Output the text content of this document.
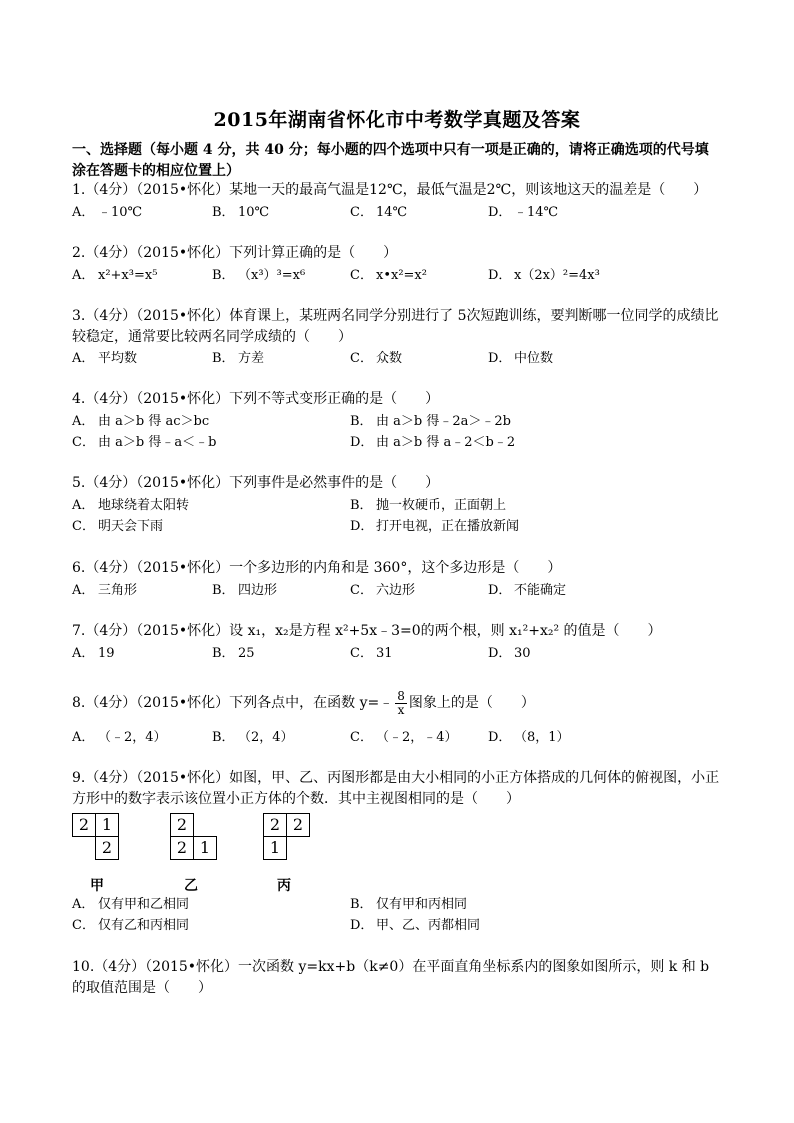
2015年湖南省怀化市中考数学真题及答案
一、选择题（每小题 4 分，共 40 分；每小题的四个选项中只有一项是正确的，请将正确选项的代号填涂在答题卡的相应位置上）
1.（4分）（2015•怀化）某地一天的最高气温是12℃，最低气温是2℃，则该地这天的温差是（　　）
A． ﹣10℃	B． 10℃	C． 14℃	D． ﹣14℃
2.（4分）（2015•怀化）下列计算正确的是（　　）
A． x²+x³=x⁵	B． （x³）³=x⁶	C． x•x²=x²	D． x（2x）²=4x³
3.（4分）（2015•怀化）体育课上，某班两名同学分别进行了 5次短跑训练，要判断哪一位同学的成绩比较稳定，通常要比较两名同学成绩的（　　）
A． 平均数	B． 方差	C． 众数	D． 中位数
4.（4分）（2015•怀化）下列不等式变形正确的是（　　）
A． 由 a＞b 得 ac＞bc	B． 由 a＞b 得﹣2a＞﹣2b
C． 由 a＞b 得﹣a＜﹣b	D． 由 a＞b 得 a﹣2＜b﹣2
5.（4分）（2015•怀化）下列事件是必然事件的是（　　）
A． 地球绕着太阳转	B． 抛一枚硬币，正面朝上
C． 明天会下雨	D． 打开电视，正在播放新闻
6.（4分）（2015•怀化）一个多边形的内角和是 360°，这个多边形是（　　）
A． 三角形	B． 四边形	C． 六边形	D． 不能确定
7.（4分）（2015•怀化）设 x₁，x₂是方程 x²+5x﹣3=0的两个根，则 x₁²+x₂² 的值是（　　）
A． 19	B． 25	C． 31	D． 30
8.（4分）（2015•怀化）下列各点中，在函数 y=﹣ $\frac{8}{x}$ 图象上的是（　　）
A． （﹣2，4）	B． （2，4）	C． （﹣2，﹣4） D． （8，1）
9.（4分）（2015•怀化）如图，甲、乙、丙图形都是由大小相同的小正方体搭成的几何体的俯视图，小正方形中的数字表示该位置小正方体的个数．其中主视图相同的是（　　）
2 1
2
甲
2
2 1
乙
2 2
1
丙
A． 仅有甲和乙相同	B． 仅有甲和丙相同
C． 仅有乙和丙相同	D． 甲、乙、丙都相同
10.（4分）（2015•怀化）一次函数 y=kx+b（k≠0）在平面直角坐标系内的图象如图所示，则 k 和 b 的取值范围是（　　）
